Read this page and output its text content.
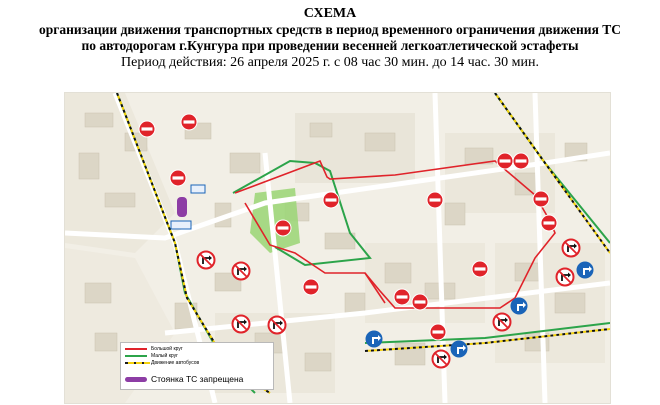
СХЕМА
организации движения транспортных средств в период временного ограничения движения ТС
по автодорогам г.Кунгура при проведении весенней легкоатлетической эстафеты
Период действия: 26 апреля 2025 г. с 08 час 30 мин. до 14 час. 30 мин.
Большой круг
Малый круг
Движение автобусов
Стоянка ТС запрещена
